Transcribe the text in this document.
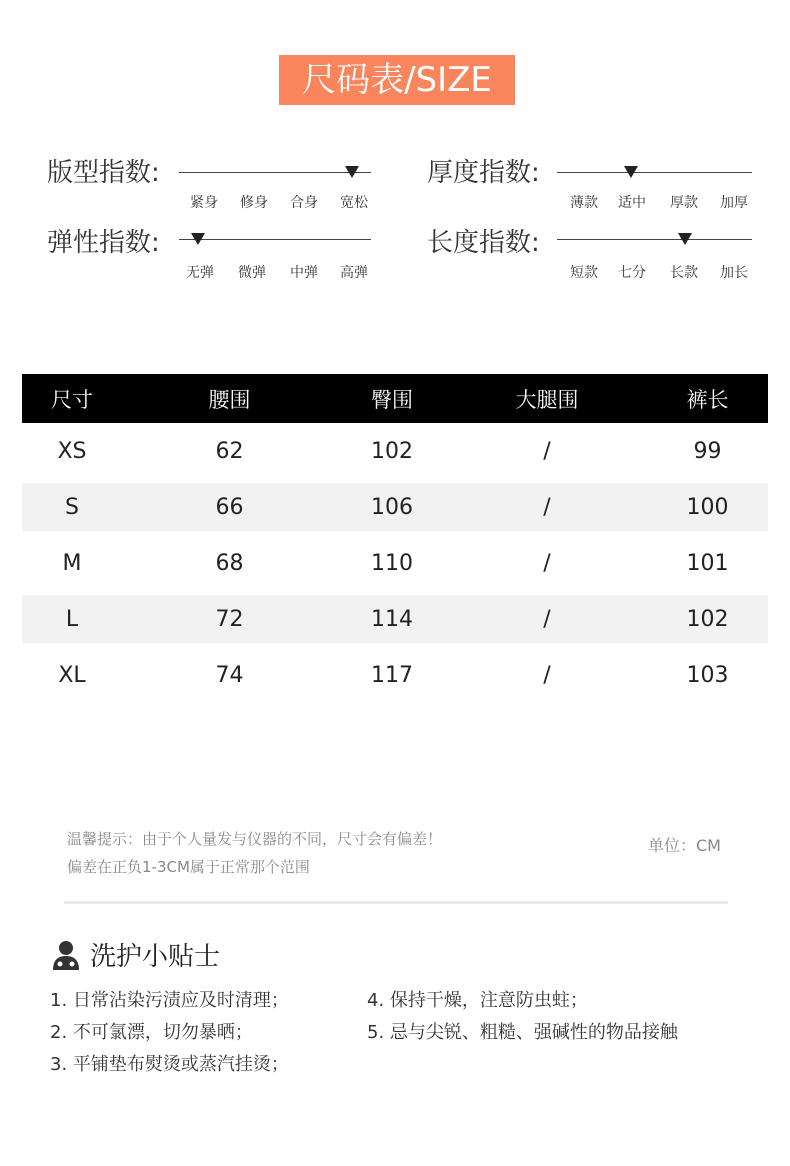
尺码表/SIZE
版型指数:
紧身	修身	合身	宽松
厚度指数:
薄款	适中	厚款	加厚
弹性指数:
无弹	微弹	中弹	高弹
长度指数:
短款	七分	长款	加长
尺寸	腰围	臀围	大腿围	裤长
XS	62	102	/	99
S	66	106	/	100
M	68	110	/	101
L	72	114	/	102
XL	74	117	/	103
温馨提示：由于个人量发与仪器的不同，尺寸会有偏差！
偏差在正负1-3CM属于正常那个范围
单位：CM
洗护小贴士
1. 日常沾染污渍应及时清理；
2. 不可氯漂，切勿暴晒；
3. 平铺垫布熨烫或蒸汽挂烫；
4. 保持干燥，注意防虫蛀；
5. 忌与尖锐、粗糙、强碱性的物品接触
